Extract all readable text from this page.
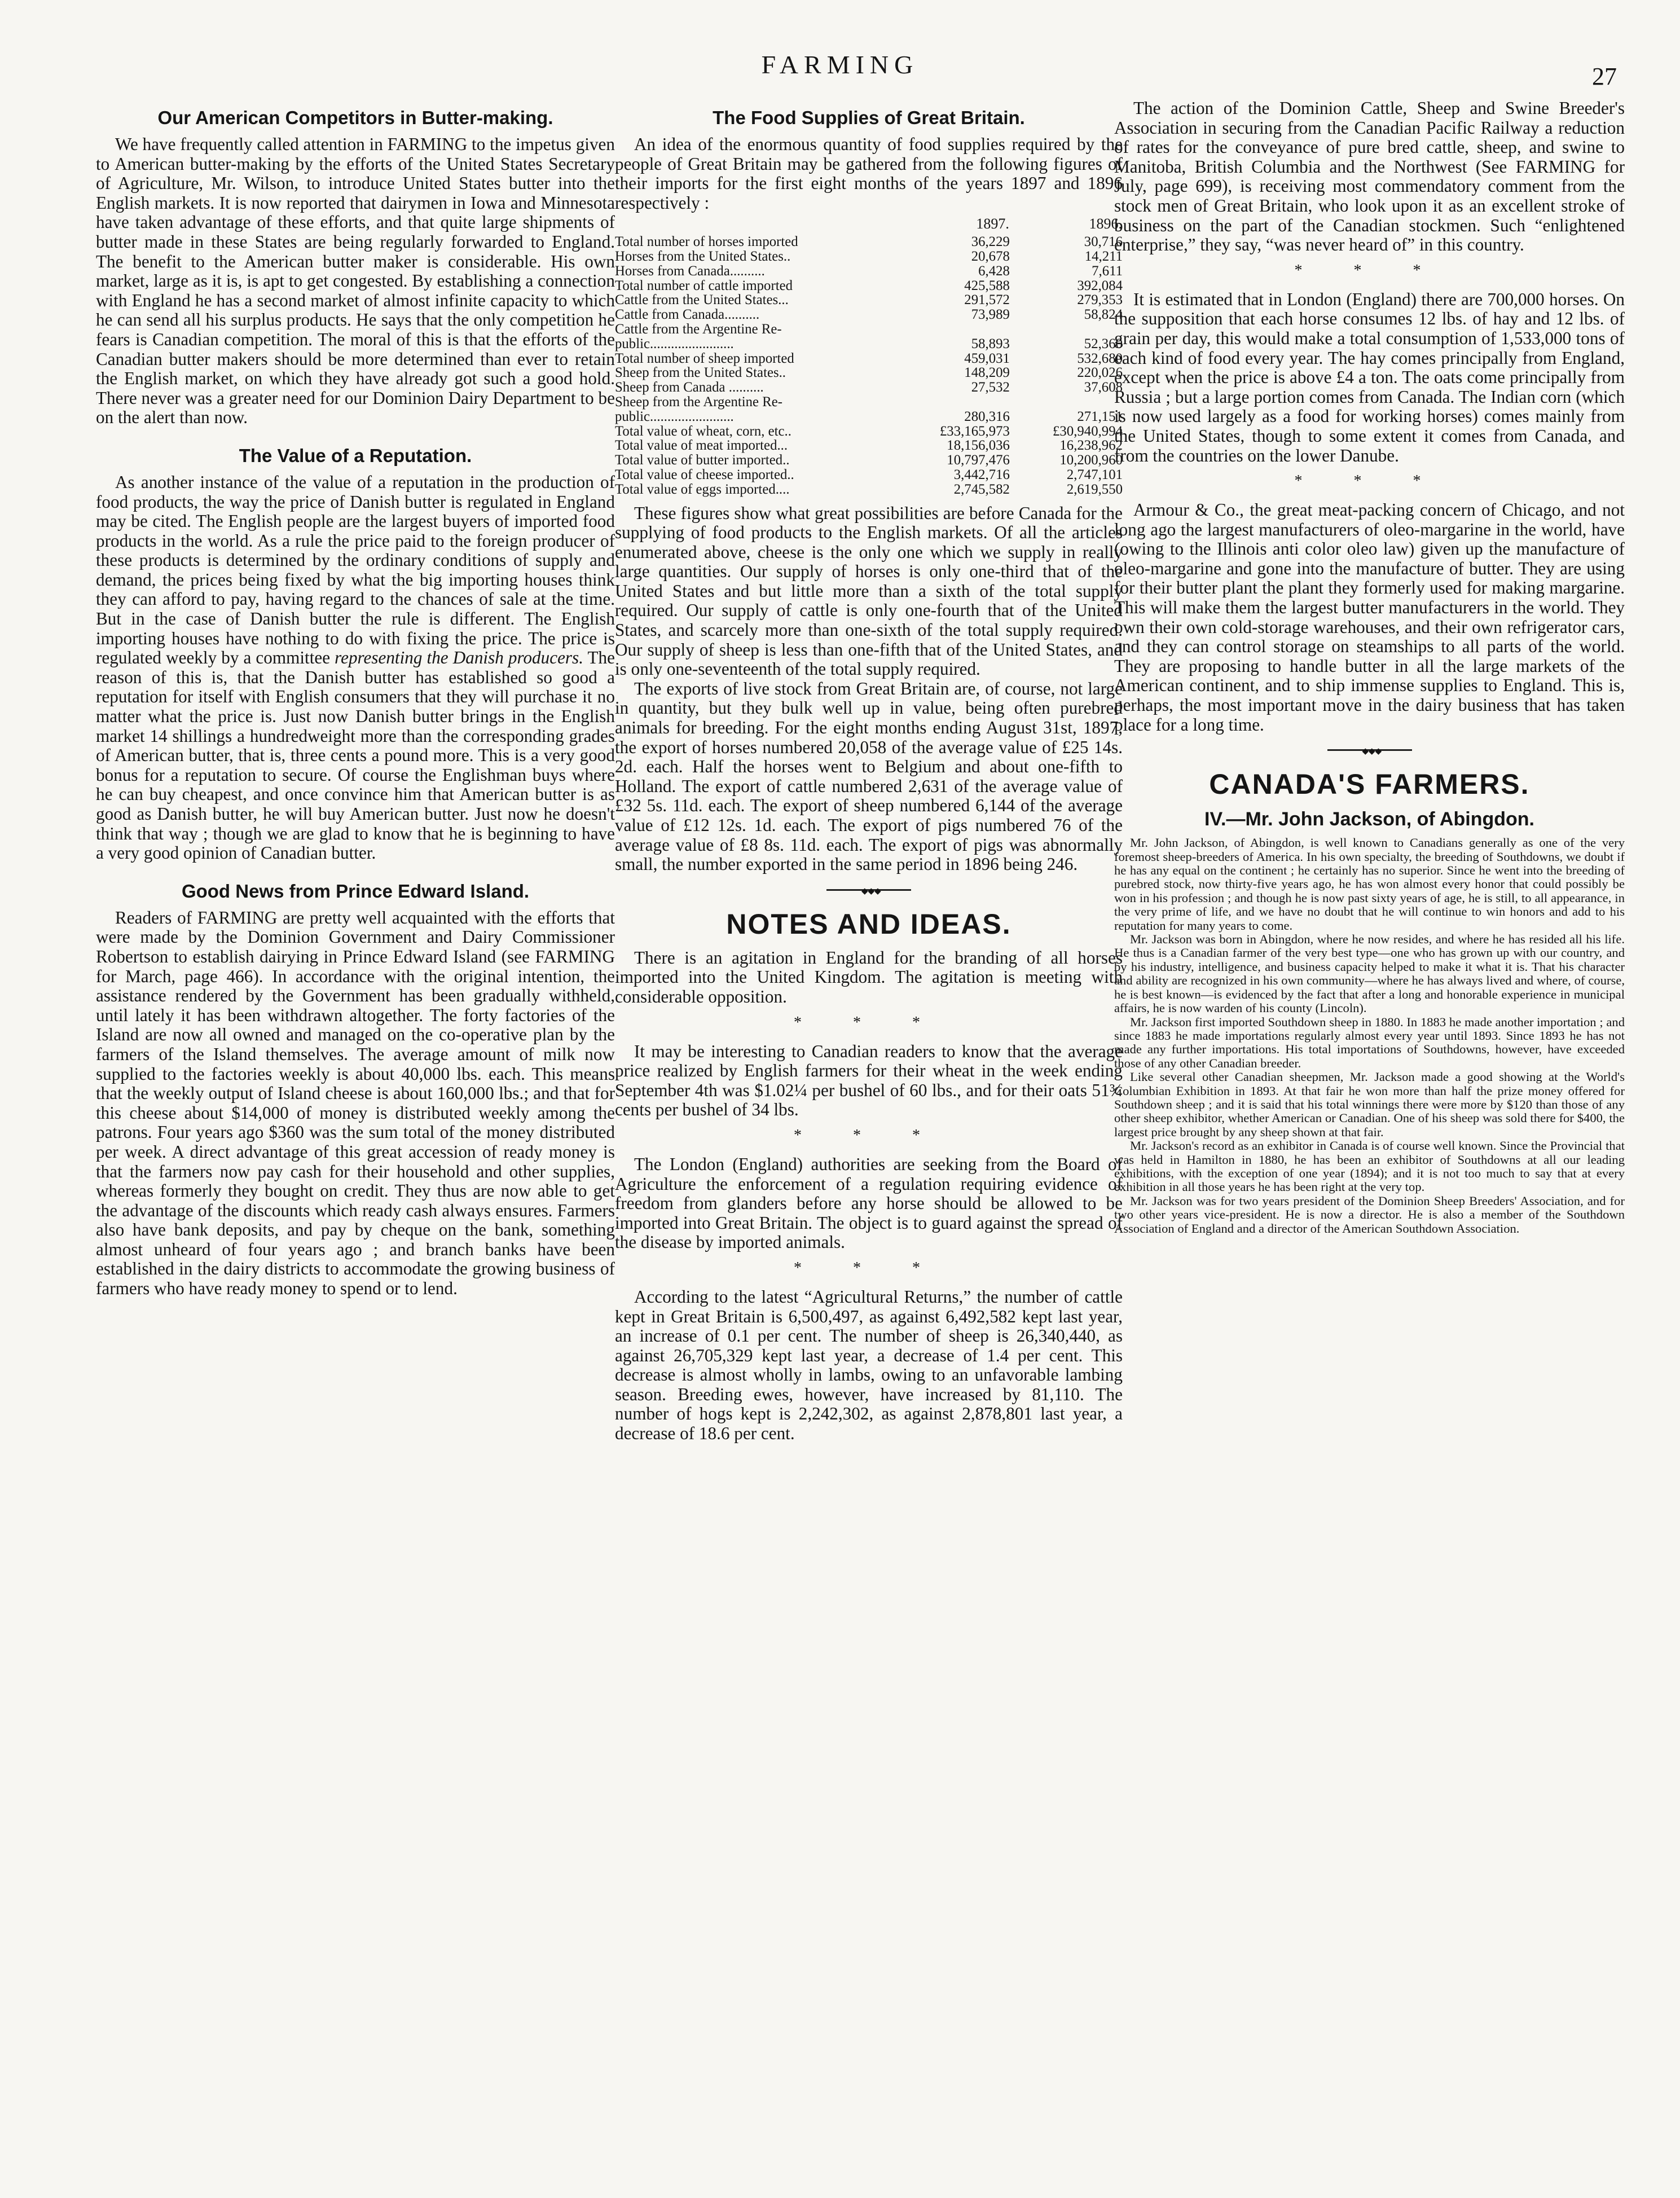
FARMING	27
Our American Competitors in Butter-making.

We have frequently called attention in FARMING to the impetus given to American butter-making by the efforts of the United States Secretary of Agriculture, Mr. Wilson, to introduce United States butter into the English markets. It is now reported that dairymen in Iowa and Minnesota have taken advantage of these efforts, and that quite large shipments of butter made in these States are being regularly forwarded to England. The benefit to the American butter maker is considerable. His own market, large as it is, is apt to get congested. By establishing a connection with England he has a second market of almost infinite capacity to which he can send all his surplus products. He says that the only competition he fears is Canadian competition. The moral of this is that the efforts of the Canadian butter makers should be more determined than ever to retain the English market, on which they have already got such a good hold. There never was a greater need for our Dominion Dairy Department to be on the alert than now.

The Value of a Reputation.

As another instance of the value of a reputation in the production of food products, the way the price of Danish butter is regulated in England may be cited. The English people are the largest buyers of imported food products in the world. As a rule the price paid to the foreign producer of these products is determined by the ordinary conditions of supply and demand, the prices being fixed by what the big importing houses think they can afford to pay, having regard to the chances of sale at the time. But in the case of Danish butter the rule is different. The English importing houses have nothing to do with fixing the price. The price is regulated weekly by a committee representing the Danish producers. The reason of this is, that the Danish butter has established so good a reputation for itself with English consumers that they will purchase it no matter what the price is. Just now Danish butter brings in the English market 14 shillings a hundredweight more than the corresponding grades of American butter, that is, three cents a pound more. This is a very good bonus for a reputation to secure. Of course the Englishman buys where he can buy cheapest, and once convince him that American butter is as good as Danish butter, he will buy American butter. Just now he doesn't think that way ; though we are glad to know that he is beginning to have a very good opinion of Canadian butter.

Good News from Prince Edward Island.

Readers of FARMING are pretty well acquainted with the efforts that were made by the Dominion Government and Dairy Commissioner Robertson to establish dairying in Prince Edward Island (see FARMING for March, page 466). In accordance with the original intention, the assistance rendered by the Government has been gradually withheld, until lately it has been withdrawn altogether. The forty factories of the Island are now all owned and managed on the co-operative plan by the farmers of the Island themselves. The average amount of milk now supplied to the factories weekly is about 40,000 lbs. each. This means that the weekly output of Island cheese is about 160,000 lbs.; and that for this cheese about $14,000 of money is distributed weekly among the patrons. Four years ago $360 was the sum total of the money distributed per week. A direct advantage of this great accession of ready money is that the farmers now pay cash for their household and other supplies, whereas formerly they bought on credit. They thus are now able to get the advantage of the discounts which ready cash always ensures. Farmers also have bank deposits, and pay by cheque on the bank, something almost unheard of four years ago ; and branch banks have been established in the dairy districts to accommodate the growing business of farmers who have ready money to spend or to lend.

The Food Supplies of Great Britain.

An idea of the enormous quantity of food supplies required by the people of Great Britain may be gathered from the following figures of their imports for the first eight months of the years 1897 and 1896 respectively :

	1897.	1896.
Total number of horses imported	36,229	30,716
Horses from the United States..	20,678	14,211
Horses from Canada..........	6,428	7,611
Total number of cattle imported	425,588	392,084
Cattle from the United States...	291,572	279,353
Cattle from Canada..........	73,989	58,824
Cattle from the Argentine Re-		
public........................	58,893	52,360
Total number of sheep imported	459,031	532,680
Sheep from the United States..	148,209	220,026
Sheep from Canada ..........	27,532	37,608
Sheep from the Argentine Re-		
public........................	280,316	271,151
Total value of wheat, corn, etc..	£33,165,973	£30,940,994
Total value of meat imported...	18,156,036	16,238,962
Total value of butter imported..	10,797,476	10,200,960
Total value of cheese imported..	3,442,716	2,747,101
Total value of eggs imported....	2,745,582	2,619,550

These figures show what great possibilities are before Canada for the supplying of food products to the English markets. Of all the articles enumerated above, cheese is the only one which we supply in really large quantities. Our supply of horses is only one-third that of the United States and but little more than a sixth of the total supply required. Our supply of cattle is only one-fourth that of the United States, and scarcely more than one-sixth of the total supply required. Our supply of sheep is less than one-fifth that of the United States, and is only one-seventeenth of the total supply required.

The exports of live stock from Great Britain are, of course, not large in quantity, but they bulk well up in value, being often purebred animals for breeding. For the eight months ending August 31st, 1897, the export of horses numbered 20,058 of the average value of £25 14s. 2d. each. Half the horses went to Belgium and about one-fifth to Holland. The export of cattle numbered 2,631 of the average value of £32 5s. 11d. each. The export of sheep numbered 6,144 of the average value of £12 12s. 1d. each. The export of pigs numbered 76 of the average value of £8 8s. 11d. each. The export of pigs was abnormally small, the number exported in the same period in 1896 being 246.

◆◆◆
NOTES AND IDEAS.

There is an agitation in England for the branding of all horses imported into the United Kingdom. The agitation is meeting with considerable opposition.

* * *

It may be interesting to Canadian readers to know that the average price realized by English farmers for their wheat in the week ending September 4th was $1.02¼ per bushel of 60 lbs., and for their oats 51¾ cents per bushel of 34 lbs.

* * *

The London (England) authorities are seeking from the Board of Agriculture the enforcement of a regulation requiring evidence of freedom from glanders before any horse should be allowed to be imported into Great Britain. The object is to guard against the spread of the disease by imported animals.

* * *

According to the latest “Agricultural Returns,” the number of cattle kept in Great Britain is 6,500,497, as against 6,492,582 kept last year, an increase of 0.1 per cent. The number of sheep is 26,340,440, as against 26,705,329 kept last year, a decrease of 1.4 per cent. This decrease is almost wholly in lambs, owing to an unfavorable lambing season. Breeding ewes, however, have increased by 81,110. The number of hogs kept is 2,242,302, as against 2,878,801 last year, a decrease of 18.6 per cent.

The action of the Dominion Cattle, Sheep and Swine Breeder's Association in securing from the Canadian Pacific Railway a reduction of rates for the conveyance of pure bred cattle, sheep, and swine to Manitoba, British Columbia and the Northwest (See FARMING for July, page 699), is receiving most commendatory comment from the stock men of Great Britain, who look upon it as an excellent stroke of business on the part of the Canadian stockmen. Such “enlightened enterprise,” they say, “was never heard of” in this country.

* * *

It is estimated that in London (England) there are 700,000 horses. On the supposition that each horse consumes 12 lbs. of hay and 12 lbs. of grain per day, this would make a total consumption of 1,533,000 tons of each kind of food every year. The hay comes principally from England, except when the price is above £4 a ton. The oats come principally from Russia ; but a large portion comes from Canada. The Indian corn (which is now used largely as a food for working horses) comes mainly from the United States, though to some extent it comes from Canada, and from the countries on the lower Danube.

* * *

Armour & Co., the great meat-packing concern of Chicago, and not long ago the largest manufacturers of oleo-margarine in the world, have (owing to the Illinois anti color oleo law) given up the manufacture of oleo-margarine and gone into the manufacture of butter. They are using for their butter plant the plant they formerly used for making margarine. This will make them the largest butter manufacturers in the world. They own their own cold-storage warehouses, and their own refrigerator cars, and they can control storage on steamships to all parts of the world. They are proposing to handle butter in all the large markets of the American continent, and to ship immense supplies to England. This is, perhaps, the most important move in the dairy business that has taken place for a long time.

◆◆◆
CANADA'S FARMERS.
IV.—Mr. John Jackson, of Abingdon.

Mr. John Jackson, of Abingdon, is well known to Canadians generally as one of the very foremost sheep-breeders of America. In his own specialty, the breeding of Southdowns, we doubt if he has any equal on the continent ; he certainly has no superior. Since he went into the breeding of purebred stock, now thirty-five years ago, he has won almost every honor that could possibly be won in his profession ; and though he is now past sixty years of age, he is still, to all appearance, in the very prime of life, and we have no doubt that he will continue to win honors and add to his reputation for many years to come.

Mr. Jackson was born in Abingdon, where he now resides, and where he has resided all his life. He thus is a Canadian farmer of the very best type—one who has grown up with our country, and by his industry, intelligence, and business capacity helped to make it what it is. That his character and ability are recognized in his own community—where he has always lived and where, of course, he is best known—is evidenced by the fact that after a long and honorable experience in municipal affairs, he is now warden of his county (Lincoln).

Mr. Jackson first imported Southdown sheep in 1880. In 1883 he made another importation ; and since 1883 he made importations regularly almost every year until 1893. Since 1893 he has not made any further importations. His total importations of Southdowns, however, have exceeded those of any other Canadian breeder.

Like several other Canadian sheepmen, Mr. Jackson made a good showing at the World's Columbian Exhibition in 1893. At that fair he won more than half the prize money offered for Southdown sheep ; and it is said that his total winnings there were more by $120 than those of any other sheep exhibitor, whether American or Canadian. One of his sheep was sold there for $400, the largest price brought by any sheep shown at that fair.

Mr. Jackson's record as an exhibitor in Canada is of course well known. Since the Provincial that was held in Hamilton in 1880, he has been an exhibitor of Southdowns at all our leading exhibitions, with the exception of one year (1894); and it is not too much to say that at every exhibition in all those years he has been right at the very top.

Mr. Jackson was for two years president of the Dominion Sheep Breeders' Association, and for two other years vice-president. He is now a director. He is also a member of the Southdown Association of England and a director of the American Southdown Association.
